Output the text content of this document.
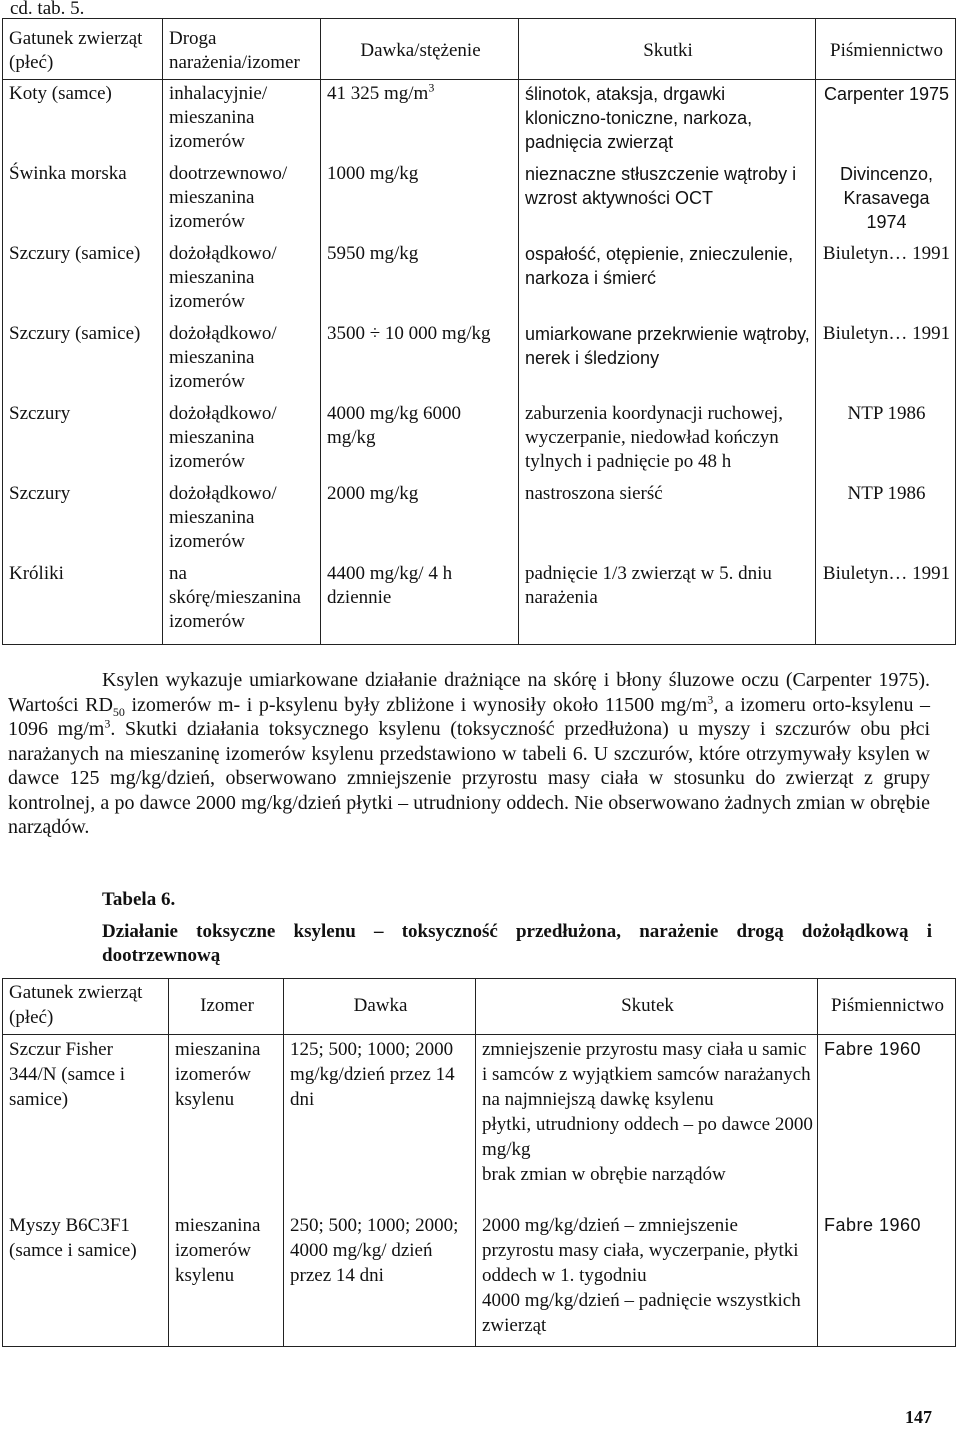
cd. tab. 5.
Gatunek zwierząt (płeć)	Droga narażenia/izomer	Dawka/stężenie	Skutki	Piśmiennictwo
Koty (samce)	inhalacyjnie/ mieszanina izomerów	41 325 $mg/m^3$	ślinotok, ataksja, drgawki kloniczno-toniczne, narkoza, padnięcia zwierząt	Carpenter 1975
Świnka morska	dootrzewnowo/ mieszanina izomerów	1000 mg/kg	nieznaczne stłuszczenie wątroby i wzrost aktywności OCT	Divincenzo, Krasavega 1974
Szczury (samice)	dożołądkowo/ mieszanina izomerów	5950 mg/kg	ospałość, otępienie, znieczulenie, narkoza i śmierć	Biuletyn… 1991
Szczury (samice)	dożołądkowo/ mieszanina izomerów	3500 ÷ 10 000 mg/kg	umiarkowane przekrwienie wątroby, nerek i śledziony	Biuletyn… 1991
Szczury	dożołądkowo/ mieszanina izomerów	4000 mg/kg 6000 mg/kg	zaburzenia koordynacji ruchowej, wyczerpanie, niedowład kończyn tylnych i padnięcie po 48 h	NTP 1986
Szczury	dożołądkowo/ mieszanina izomerów	2000 mg/kg	nastroszona sierść	NTP 1986
Króliki	na skórę/mieszanina izomerów	4400 mg/kg/ 4 h dziennie	padnięcie 1/3 zwierząt w 5. dniu narażenia	Biuletyn… 1991

Ksylen wykazuje umiarkowane działanie drażniące na skórę i błony śluzowe oczu (Carpenter 1975). Wartości $RD_{50}$ izomerów m- i p-ksylenu były zbliżone i wynosiły około 11500 $mg/m^3$, a izomeru orto-ksylenu – 1096 $mg/m^3$. Skutki działania toksycznego ksylenu (toksyczność przedłużona) u myszy i szczurów obu płci narażanych na mieszaninę izomerów ksylenu przedstawiono w tabeli 6. U szczurów, które otrzymywały ksylen w dawce 125 mg/kg/dzień, obserwowano zmniejszenie przyrostu masy ciała w stosunku do zwierząt z grupy kontrolnej, a po dawce 2000 mg/kg/dzień płytki – utrudniony oddech. Nie obserwowano żadnych zmian w obrębie narządów.

Tabela 6.
Działanie toksyczne ksylenu – toksyczność przedłużona, narażenie drogą dożołądkową i dootrzewnową
Gatunek zwierząt (płeć)	Izomer	Dawka	Skutek	Piśmiennictwo
Szczur Fisher 344/N (samce i samice)	mieszanina izomerów ksylenu	125; 500; 1000; 2000 mg/kg/dzień przez 14 dni	zmniejszenie przyrostu masy ciała u samic i samców z wyjątkiem samców narażanych na najmniejszą dawkę ksylenu
płytki, utrudniony oddech – po dawce 2000 mg/kg
brak zmian w obrębie narządów	Fabre 1960
Myszy B6C3F1 (samce i samice)	mieszanina izomerów ksylenu	250; 500; 1000; 2000; 4000 mg/kg/ dzień przez 14 dni	2000 mg/kg/dzień – zmniejszenie przyrostu masy ciała, wyczerpanie, płytki oddech w 1. tygodniu
4000 mg/kg/dzień – padnięcie wszystkich zwierząt	Fabre 1960
147
